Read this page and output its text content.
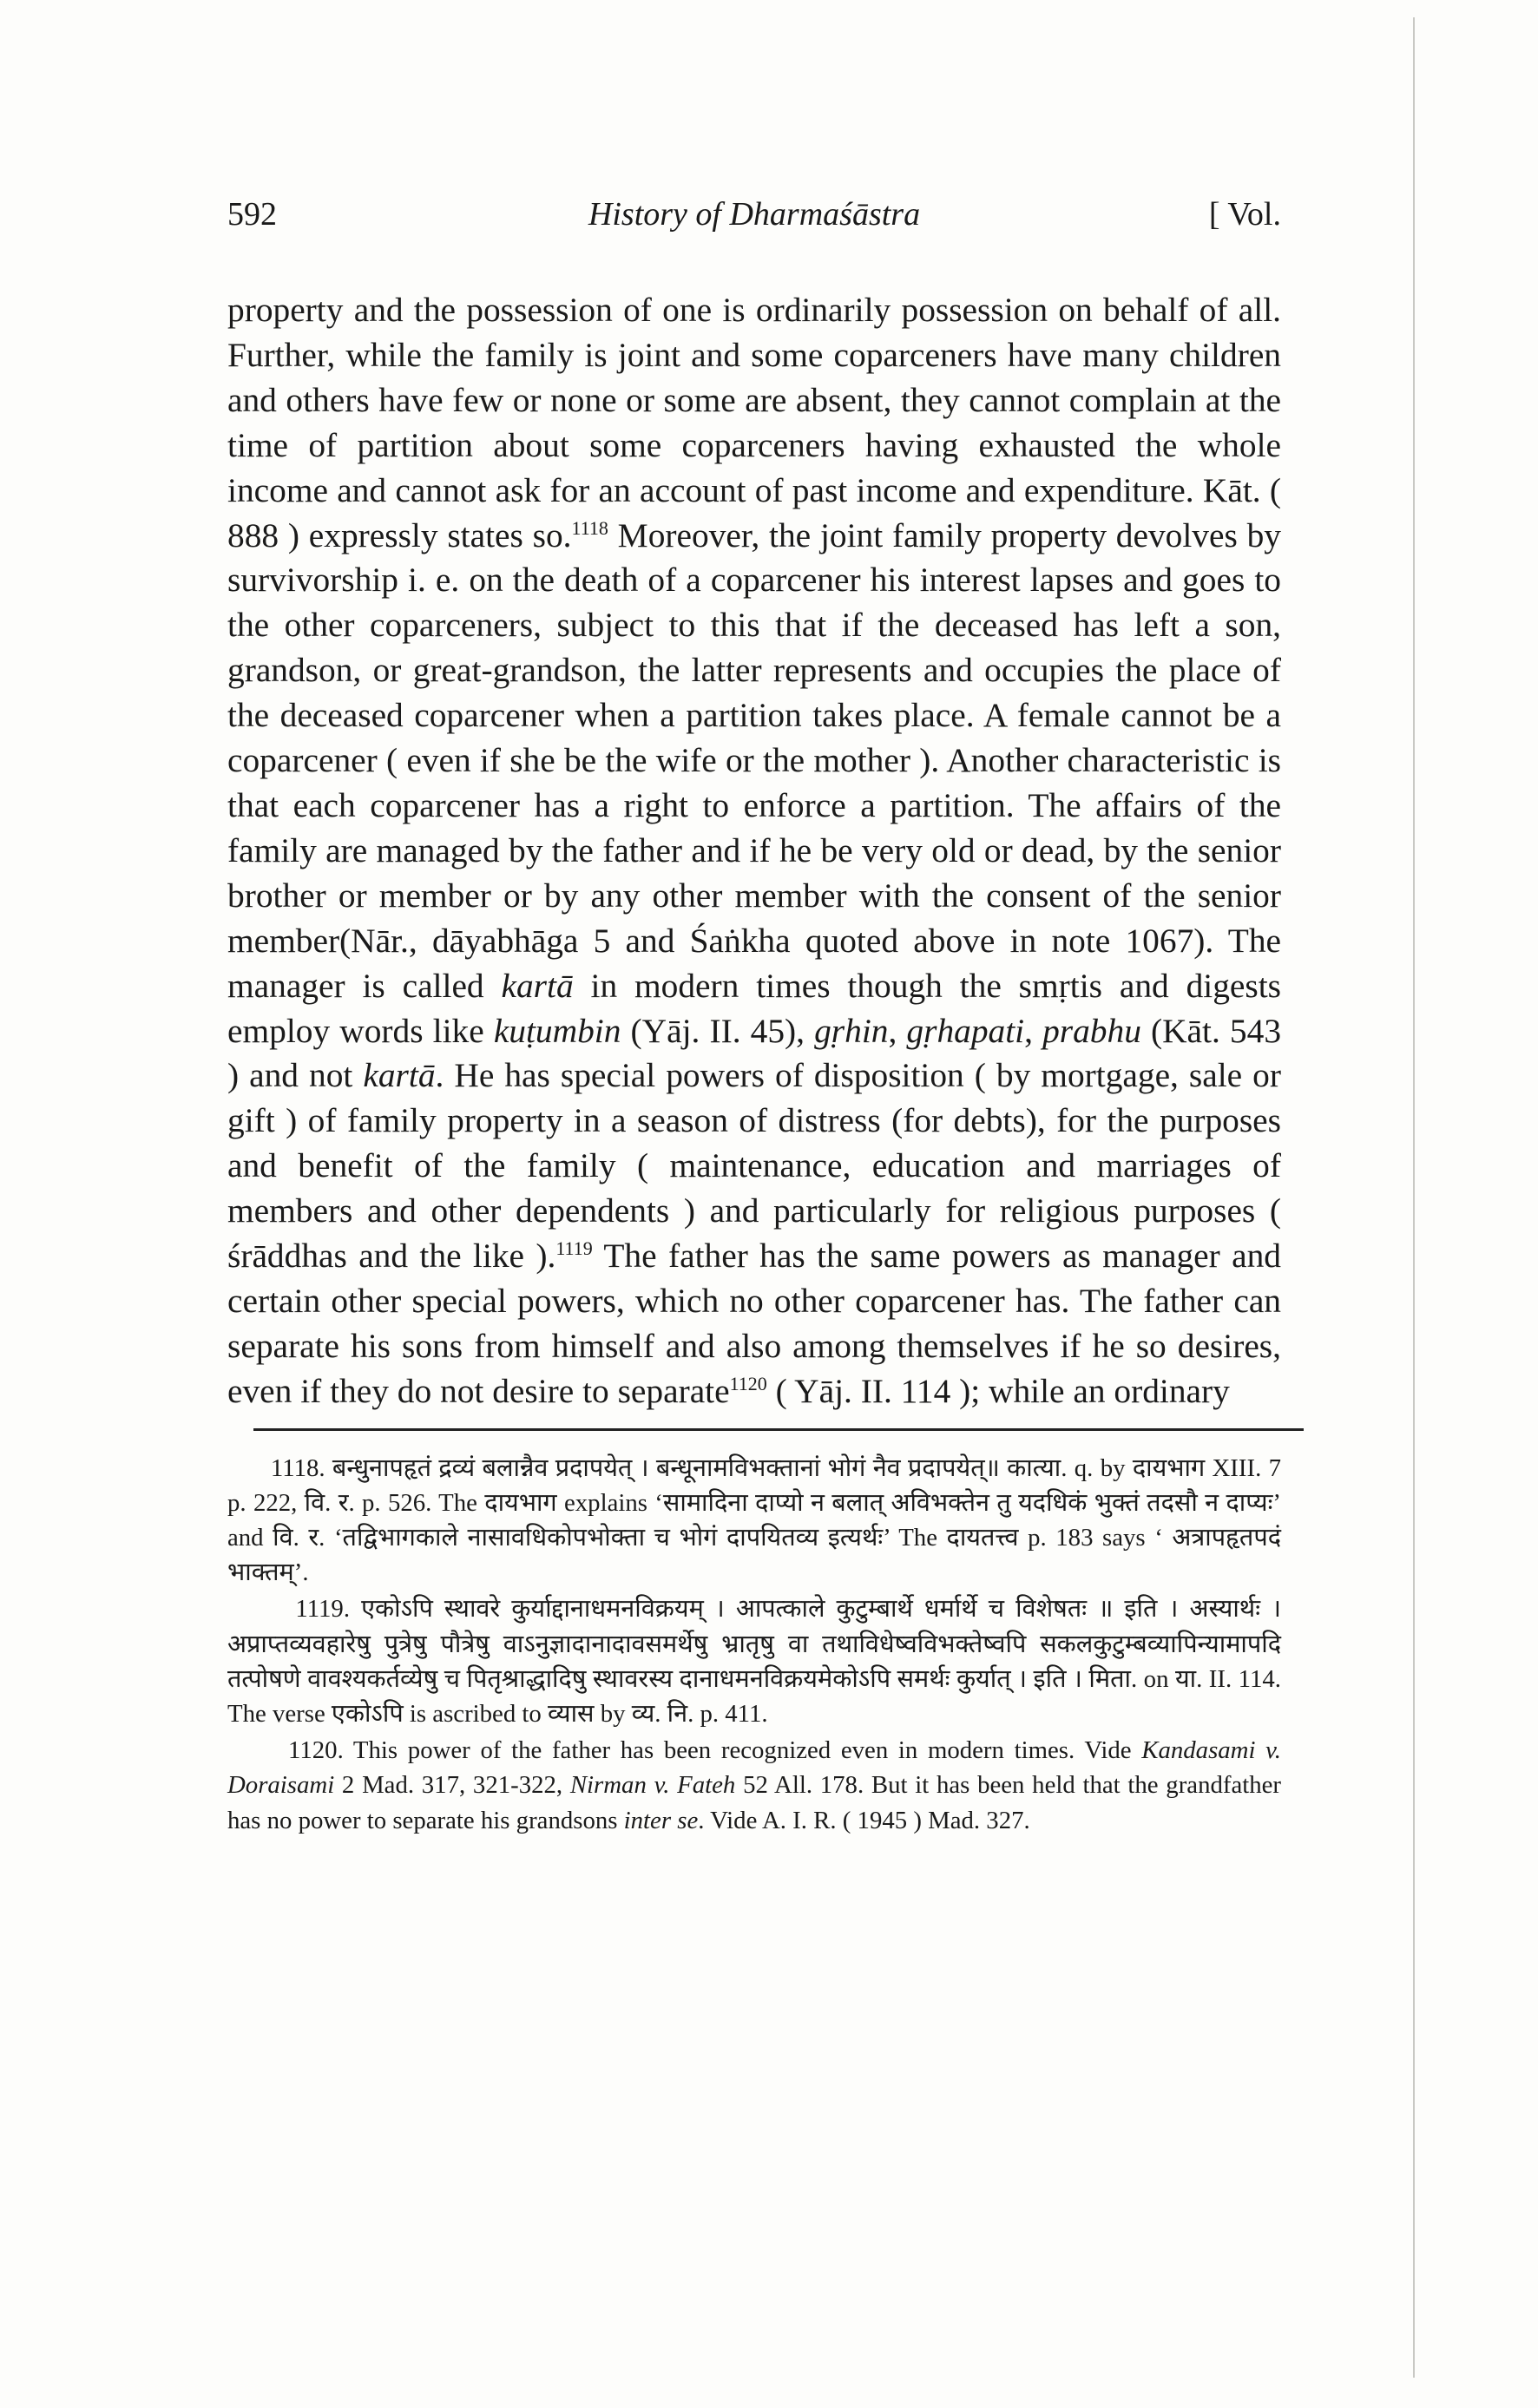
592	History of Dharmaśāstra	[ Vol.

property and the possession of one is ordinarily possession on behalf of all. Further, while the family is joint and some coparceners have many children and others have few or none or some are absent, they cannot complain at the time of partition about some coparceners having exhausted the whole income and cannot ask for an account of past income and expenditure. Kāt. ( 888 ) expressly states so.$^{1118}$ Moreover, the joint family property devolves by survivorship i. e. on the death of a coparcener his interest lapses and goes to the other coparceners, subject to this that if the deceased has left a son, grandson, or great-grandson, the latter represents and occupies the place of the deceased coparcener when a partition takes place. A female cannot be a coparcener ( even if she be the wife or the mother ). Another characteristic is that each coparcener has a right to enforce a partition. The affairs of the family are managed by the father and if he be very old or dead, by the senior brother or member or by any other member with the consent of the senior member(Nār., dāyabhāga 5 and Śaṅkha quoted above in note 1067). The manager is called kartā in modern times though the smṛtis and digests employ words like kuṭumbin (Yāj. II. 45), gṛhin, gṛhapati, prabhu (Kāt. 543 ) and not kartā. He has special powers of disposition ( by mortgage, sale or gift ) of family property in a season of distress (for debts), for the purposes and benefit of the family ( maintenance, education and marriages of members and other dependents ) and particularly for religious purposes ( śrāddhas and the like ).$^{1119}$ The father has the same powers as manager and certain other special powers, which no other coparcener has. The father can separate his sons from himself and also among themselves if he so desires, even if they do not desire to separate$^{1120}$ ( Yāj. II. 114 ); while an ordinary

1118. बन्धुनापहृतं द्रव्यं बलान्नैव प्रदापयेत् । बन्धूनामविभक्तानां भोगं नैव प्रदापयेत्॥ कात्या. q. by दायभाग XIII. 7 p. 222, वि. र. p. 526. The दायभाग explains ‘सामादिना दाप्यो न बलात् अविभक्तेन तु यदधिकं भुक्तं तदसौ न दाप्यः’ and वि. र. ‘तद्विभागकाले नासावधिकोपभोक्ता च भोगं दापयितव्य इत्यर्थः’ The दायतत्त्व p. 183 says ‘ अत्रापहृतपदं भाक्तम्’.

1119. एकोऽपि स्थावरे कुर्याद्दानाधमनविक्रयम् । आपत्काले कुटुम्बार्थे धर्मार्थे च विशेषतः ॥ इति । अस्यार्थः । अप्राप्तव्यवहारेषु पुत्रेषु पौत्रेषु वाऽनुज्ञादानादावसमर्थेषु भ्रातृषु वा तथाविधेष्वविभक्तेष्वपि सकलकुटुम्बव्यापिन्यामापदि तत्पोषणे वावश्यकर्तव्येषु च पितृश्राद्धादिषु स्थावरस्य दानाधमनविक्रयमेकोऽपि समर्थः कुर्यात् । इति । मिता. on या. II. 114. The verse एकोऽपि is ascribed to व्यास by व्य. नि. p. 411.

1120. This power of the father has been recognized even in modern times. Vide Kandasami v. Doraisami 2 Mad. 317, 321-322, Nirman v. Fateh 52 All. 178. But it has been held that the grandfather has no power to separate his grandsons inter se. Vide A. I. R. ( 1945 ) Mad. 327.
